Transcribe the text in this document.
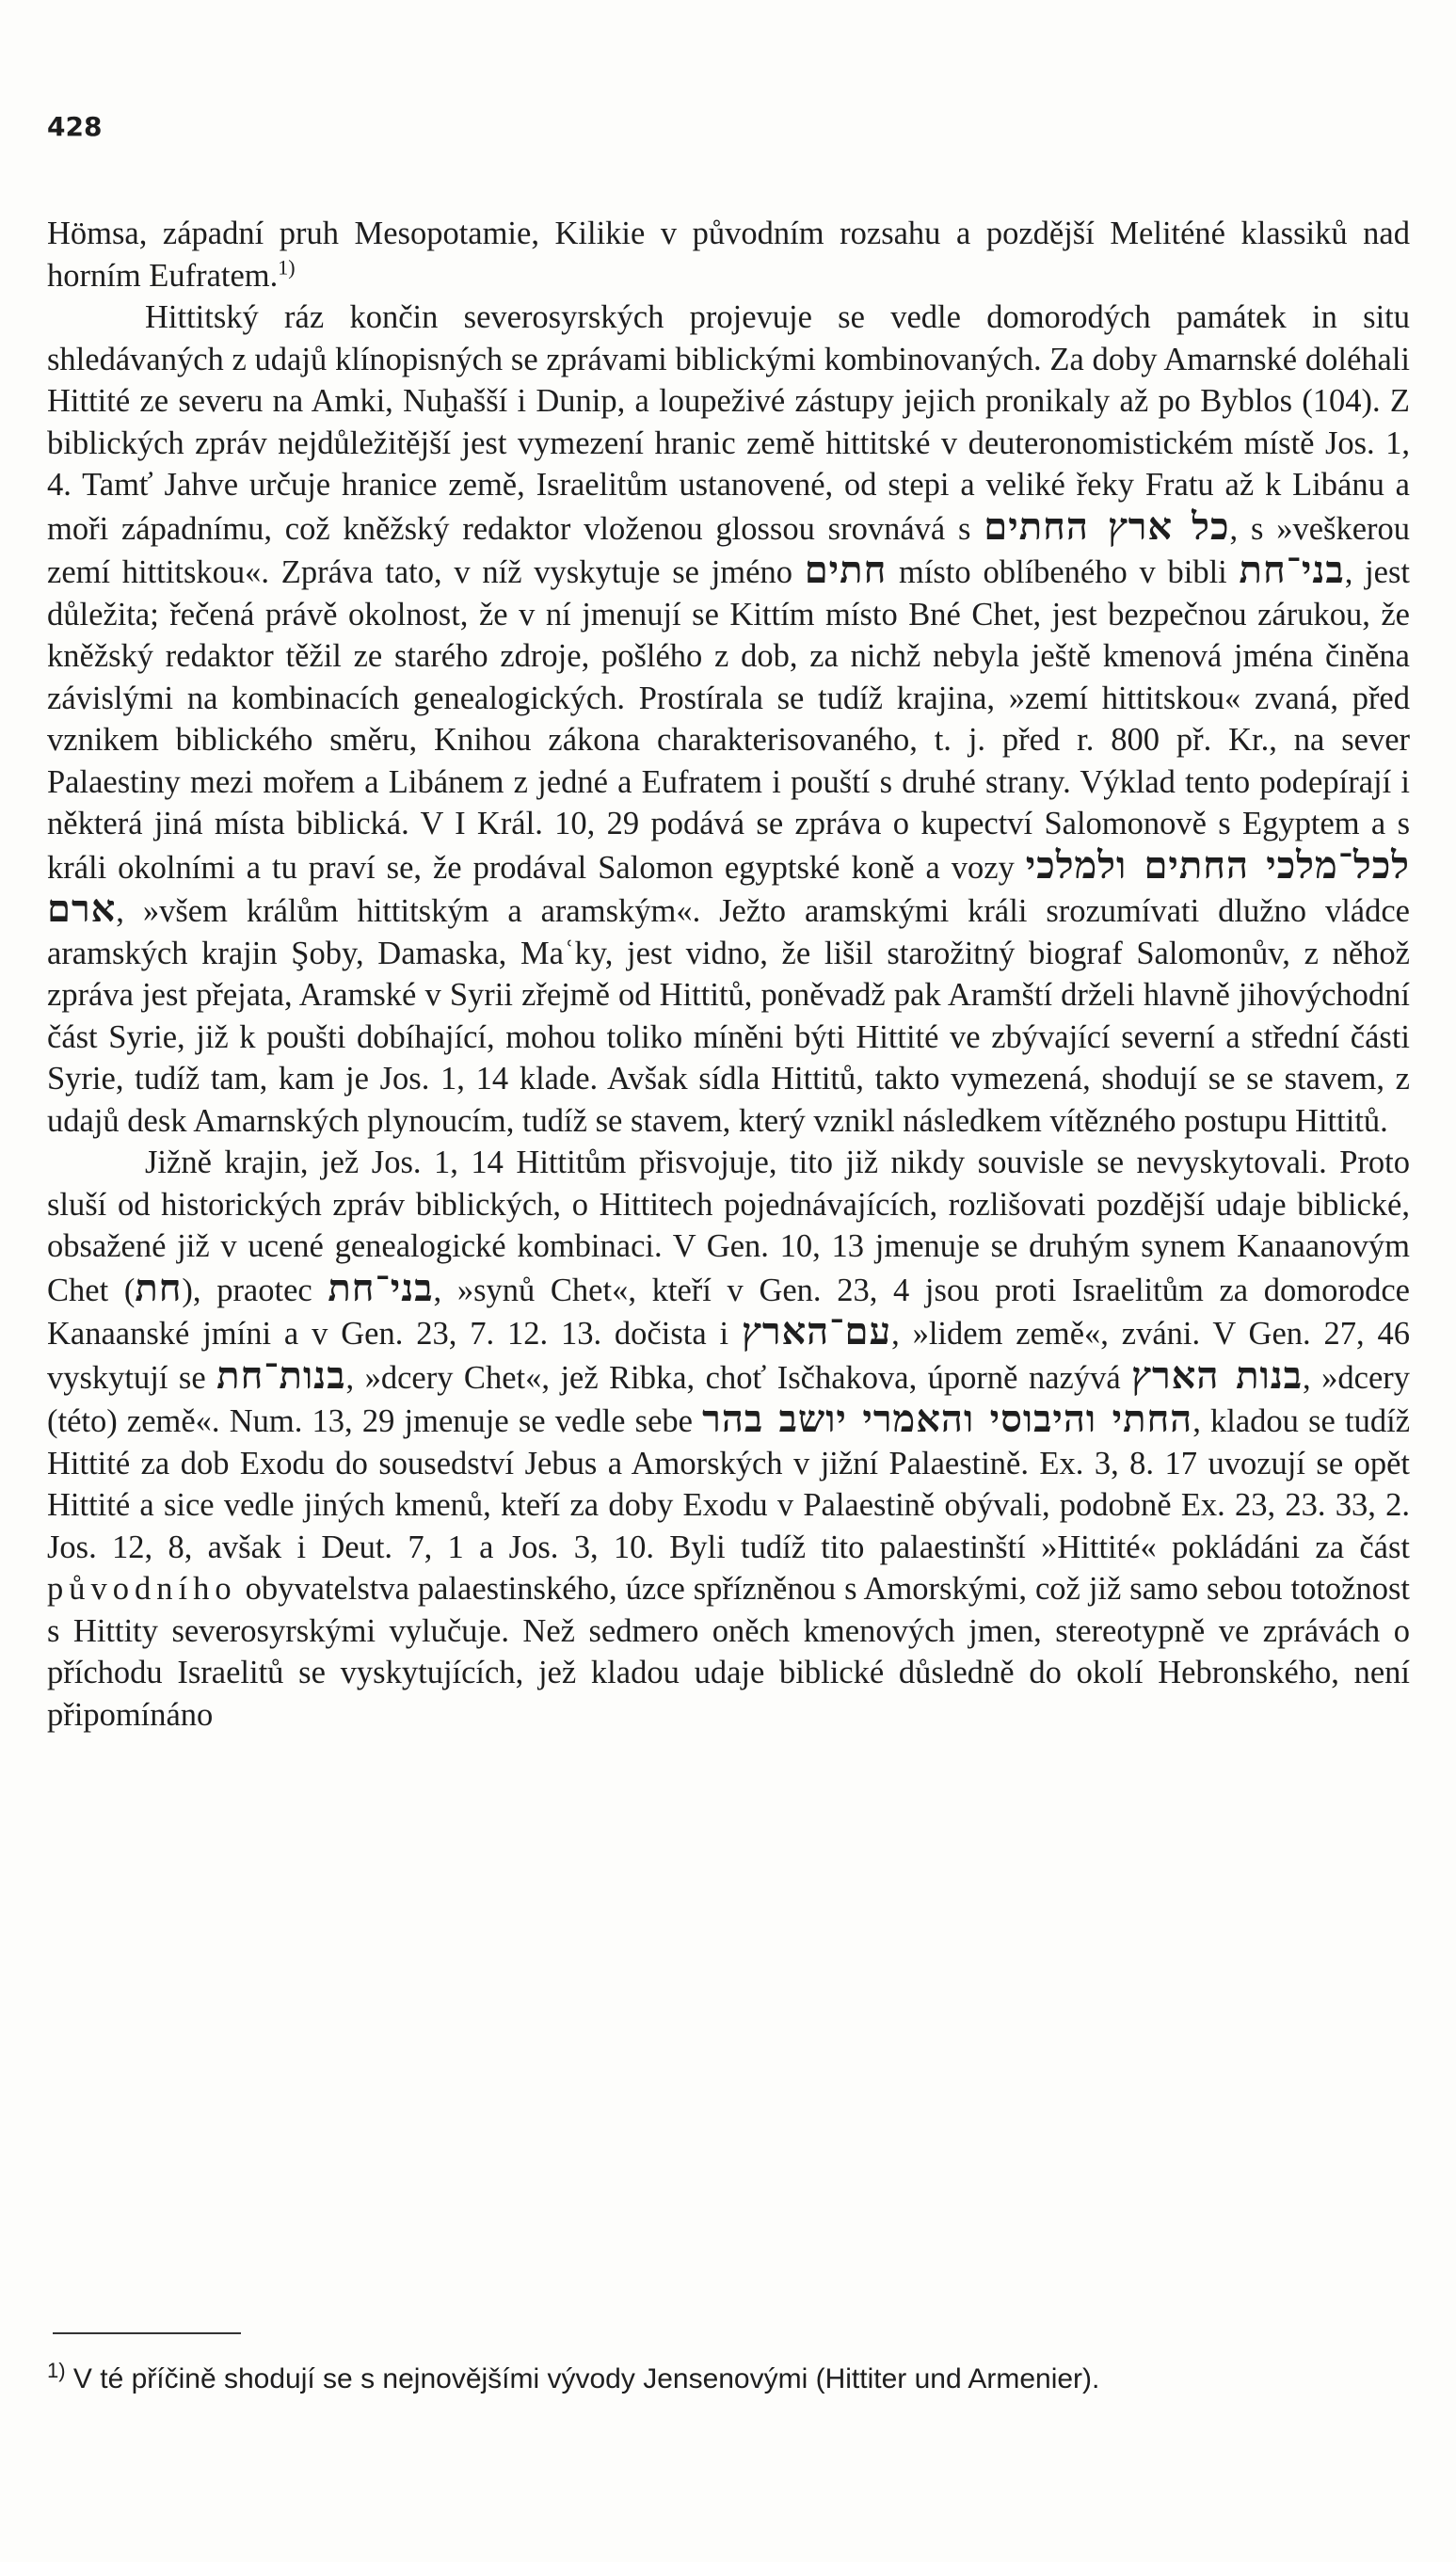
428

Hömsa, západní pruh Mesopotamie, Kilikie v původním rozsahu a pozdější Meliténé klassiků nad horním Eufratem.$^{1)}$

Hittitský ráz končin severosyrských projevuje se vedle domorodých památek in situ shledávaných z udajů klínopisných se zprávami biblickými kombinovaných. Za doby Amarnské doléhali Hittité ze severu na Amki, Nuḫašší i Dunip, a loupeživé zástupy jejich pronikaly až po Byblos (104). Z biblických zpráv nejdůležitější jest vymezení hranic země hittitské v deuteronomistickém místě Jos. 1, 4. Tamť Jahve určuje hranice země, Israelitům ustanovené, od stepi a veliké řeky Fratu až k Libánu a moři západnímu, což kněžský redaktor vloženou glossou srovnává s כל ארץ החתים, s »veškerou zemí hittitskou«. Zpráva tato, v níž vyskytuje se jméno חתים místo oblíbeného v bibli בני־חת, jest důležita; řečená právě okolnost, že v ní jmenují se Kittím místo Bné Chet, jest bezpečnou zárukou, že kněžský redaktor těžil ze starého zdroje, pošlého z dob, za nichž nebyla ještě kmenová jména činěna závislými na kombinacích genealogických. Prostírala se tudíž krajina, »zemí hittitskou« zvaná, před vznikem biblického směru, Knihou zákona charakterisovaného, t. j. před r. 800 př. Kr., na sever Palaestiny mezi mořem a Libánem z jedné a Eufratem i pouští s druhé strany. Výklad tento podepírají i některá jiná místa biblická. V I Král. 10, 29 podává se zpráva o kupectví Salomonově s Egyptem a s králi okolními a tu praví se, že prodával Salomon egyptské koně a vozy לכל־מלכי החתים ולמלכי ארם, »všem králům hittitským a aramským«. Ježto aramskými králi srozumívati dlužno vládce aramských krajin Şoby, Damaska, Maʿky, jest vidno, že lišil starožitný biograf Salomonův, z něhož zpráva jest přejata, Aramské v Syrii zřejmě od Hittitů, poněvadž pak Aramští drželi hlavně jihovýchodní část Syrie, již k poušti dobíhající, mohou toliko míněni býti Hittité ve zbývající severní a střední části Syrie, tudíž tam, kam je Jos. 1, 14 klade. Avšak sídla Hittitů, takto vymezená, shodují se se stavem, z udajů desk Amarnských plynoucím, tudíž se stavem, který vznikl následkem vítězného postupu Hittitů.

Jižně krajin, jež Jos. 1, 14 Hittitům přisvojuje, tito již nikdy souvisle se nevyskytovali. Proto sluší od historických zpráv biblických, o Hittitech pojednávajících, rozlišovati pozdější udaje biblické, obsažené již v ucené genealogické kombinaci. V Gen. 10, 13 jmenuje se druhým synem Kanaanovým Chet (חת), praotec בני־חת, »synů Chet«, kteří v Gen. 23, 4 jsou proti Israelitům za domorodce Kanaanské jmíni a v Gen. 23, 7. 12. 13. dočista i עם־הארץ, »lidem země«, zváni. V Gen. 27, 46 vyskytují se בנות־חת, »dcery Chet«, jež Ribka, choť Isčhakova, úporně nazývá בנות הארץ, »dcery (této) země«. Num. 13, 29 jmenuje se vedle sebe החתי והיבוסי והאמרי יושב בהר, kladou se tudíž Hittité za dob Exodu do sousedství Jebus a Amorských v jižní Palaestině. Ex. 3, 8. 17 uvozují se opět Hittité a sice vedle jiných kmenů, kteří za doby Exodu v Palaestině obývali, podobně Ex. 23, 23. 33, 2. Jos. 12, 8, avšak i Deut. 7, 1 a Jos. 3, 10. Byli tudíž tito palaestinští »Hittité« pokládáni za část původního obyvatelstva palaestinského, úzce spřízněnou s Amorskými, což již samo sebou totožnost s Hittity severosyrskými vylučuje. Než sedmero oněch kmenových jmen, stereotypně ve zprávách o příchodu Israelitů se vyskytujících, jež kladou udaje biblické důsledně do okolí Hebronského, není připomínáno

$^{1)}$ V té příčině shodují se s nejnovějšími vývody Jensenovými (Hittiter und Armenier).
